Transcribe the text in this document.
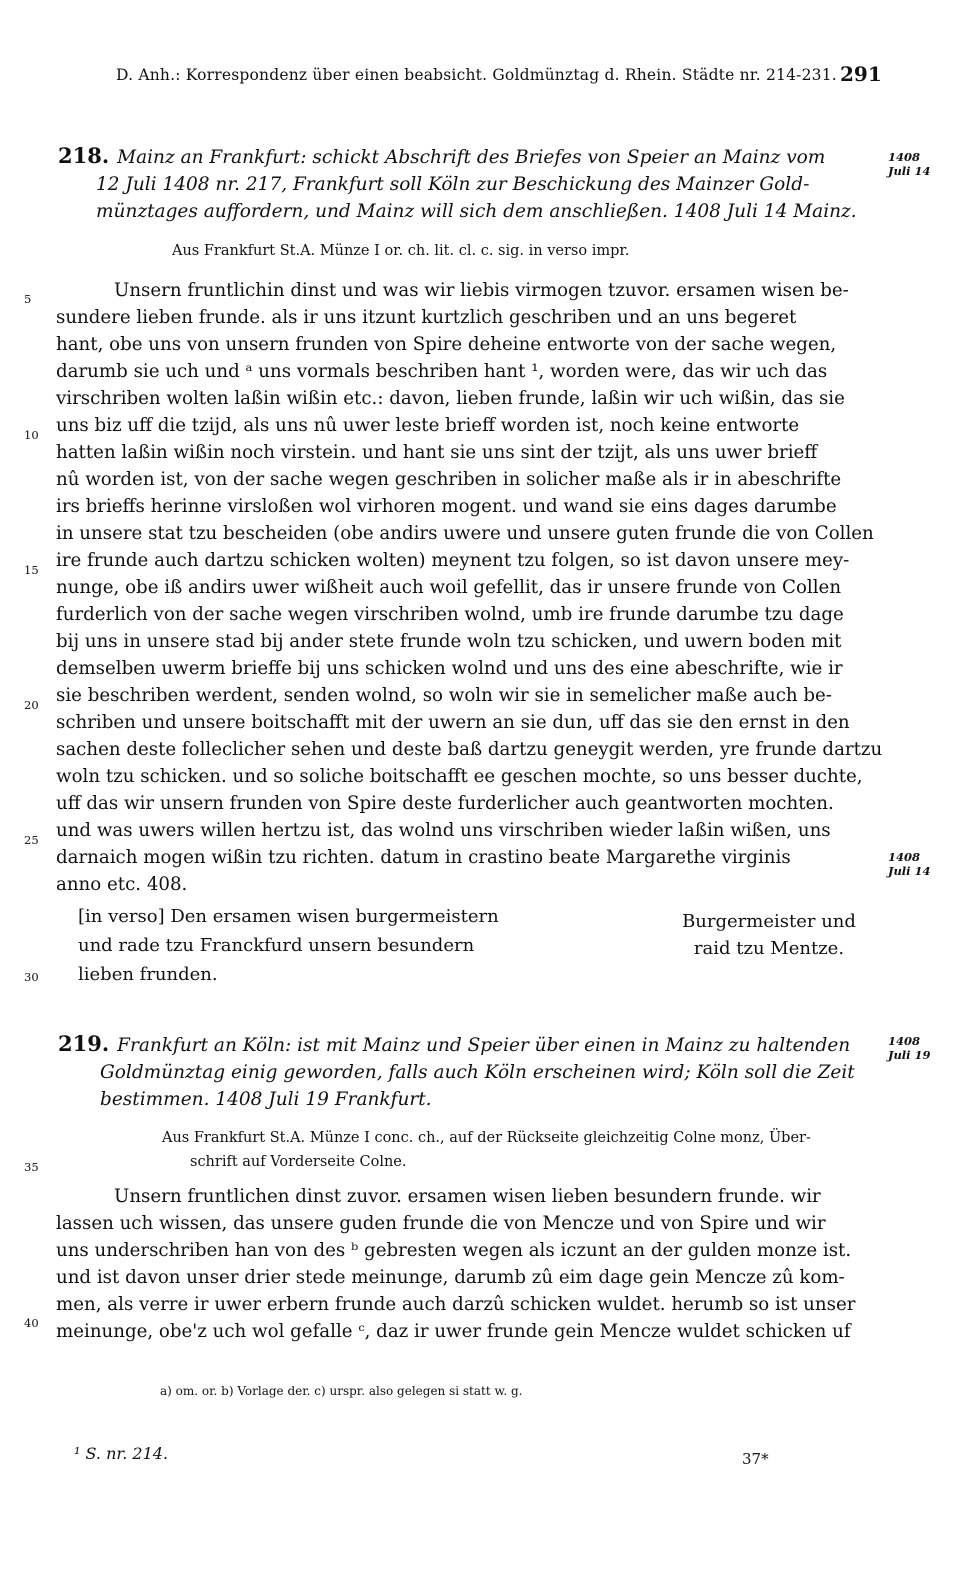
D. Anh.: Korrespondenz über einen beabsicht. Goldmünztag d. Rhein. Städte nr. 214-231. 291
218. Mainz an Frankfurt: schickt Abschrift des Briefes von Speier an Mainz vom
12 Juli 1408 nr. 217, Frankfurt soll Köln zur Beschickung des Mainzer Gold-
münztages auffordern, und Mainz will sich dem anschließen. 1408 Juli 14 Mainz.
1408
Juli 14
Aus Frankfurt St.A. Münze I or. ch. lit. cl. c. sig. in verso impr.
Unsern fruntlichin dinst und was wir liebis virmogen tzuvor. ersamen wisen be-
sundere lieben frunde. als ir uns itzunt kurtzlich geschriben und an uns begeret
hant, obe uns von unsern frunden von Spire deheine entworte von der sache wegen,
darumb sie uch und ᵃ uns vormals beschriben hant ¹, worden were, das wir uch das
virschriben wolten laßin wißin etc.: davon, lieben frunde, laßin wir uch wißin, das sie
uns biz uff die tzijd, als uns nû uwer leste brieff worden ist, noch keine entworte
hatten laßin wißin noch virstein. und hant sie uns sint der tzijt, als uns uwer brieff
nû worden ist, von der sache wegen geschriben in solicher maße als ir in abeschrifte
irs brieffs herinne virsloßen wol virhoren mogent. und wand sie eins dages darumbe
in unsere stat tzu bescheiden (obe andirs uwere und unsere guten frunde die von Collen
ire frunde auch dartzu schicken wolten) meynent tzu folgen, so ist davon unsere mey-
nunge, obe iß andirs uwer wißheit auch woil gefellit, das ir unsere frunde von Collen
furderlich von der sache wegen virschriben wolnd, umb ire frunde darumbe tzu dage
bij uns in unsere stad bij ander stete frunde woln tzu schicken, und uwern boden mit
demselben uwerm brieffe bij uns schicken wolnd und uns des eine abeschrifte, wie ir
sie beschriben werdent, senden wolnd, so woln wir sie in semelicher maße auch be-
schriben und unsere boitschafft mit der uwern an sie dun, uff das sie den ernst in den
sachen deste folleclicher sehen und deste baß dartzu geneygit werden, yre frunde dartzu
woln tzu schicken. und so soliche boitschafft ee geschen mochte, so uns besser duchte,
uff das wir unsern frunden von Spire deste furderlicher auch geantworten mochten.
und was uwers willen hertzu ist, das wolnd uns virschriben wieder laßin wißen, uns
darnaich mogen wißin tzu richten. datum in crastino beate Margarethe virginis
anno etc. 408.
1408
Juli 14
[in verso] Den ersamen wisen burgermeistern
und rade tzu Franckfurd unsern besundern
lieben frunden.
Burgermeister und
raid tzu Mentze.
219. Frankfurt an Köln: ist mit Mainz und Speier über einen in Mainz zu haltenden
Goldmünztag einig geworden, falls auch Köln erscheinen wird; Köln soll die Zeit
bestimmen. 1408 Juli 19 Frankfurt.
1408
Juli 19
Aus Frankfurt St.A. Münze I conc. ch., auf der Rückseite gleichzeitig Colne monz, Über-
schrift auf Vorderseite Colne.
Unsern fruntlichen dinst zuvor. ersamen wisen lieben besundern frunde. wir
lassen uch wissen, das unsere guden frunde die von Mencze und von Spire und wir
uns underschriben han von des ᵇ gebresten wegen als iczunt an der gulden monze ist.
und ist davon unser drier stede meinunge, darumb zû eim dage gein Mencze zû kom-
men, als verre ir uwer erbern frunde auch darzû schicken wuldet. herumb so ist unser
meinunge, obe'z uch wol gefalle ᶜ, daz ir uwer frunde gein Mencze wuldet schicken uf
5
10
15
20
25
30
35
40
a) om. or. b) Vorlage der. c) urspr. also gelegen si statt w. g.
¹ S. nr. 214.	37*
